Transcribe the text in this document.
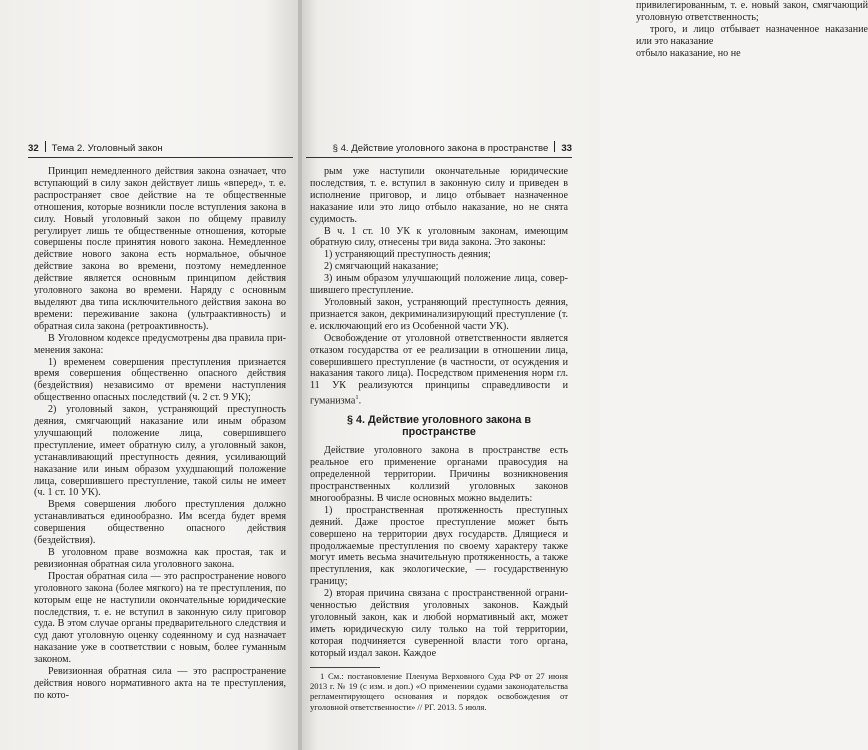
привилегированным, т. е. новый закон, смягчающий уголовную ответственность;

трого, и лицо отбывает назначенное наказание или это наказание

отбыло наказание, но не

32 Тема 2. Уголовный закон	§ 4. Действие уголовного закона в пространстве 33

Принцип немедленного действия закона означает, что вступающий в силу закон действует лишь «вперед», т. е. распространяет свое действие на те общественные отношения, которые возникли после вступления закона в силу. Новый уголовный закон по общему правилу регулирует лишь те общественные отношения, которые совершены после принятия нового закона. Немедленное действие нового закона есть нормальное, обычное действие закона во времени, поэтому немедленное действие является основным принципом действия уголовного закона во времени. Наряду с основным выделяют два типа исключительного действия закона во времени: переживание закона (ультраактивность) и обратная сила закона (ретроактивность).

В Уголовном кодексе предусмотрены два правила применения закона:

1) временем совершения преступления признается время совершения общественно опасного действия (бездействия) независимо от времени наступления общественно опасных последствий (ч. 2 ст. 9 УК);

2) уголовный закон, устраняющий преступность деяния, смягчающий наказание или иным образом улучшающий положение лица, совершившего преступление, имеет обратную силу, а уголовный закон, устанавливающий преступность деяния, усиливающий наказание или иным образом ухудшающий положение лица, совершившего преступление, такой силы не имеет (ч. 1 ст. 10 УК).

Время совершения любого преступления должно устанавливаться единообразно. Им всегда будет время совершения общественно опасного действия (бездействия).

В уголовном праве возможна как простая, так и ревизионная обратная сила уголовного закона.

Простая обратная сила — это распространение нового уголовного закона (более мягкого) на те преступления, по которым еще не наступили окончательные юридические последствия, т. е. не вступил в законную силу приговор суда. В этом случае органы предварительного следствия и суд дают уголовную оценку содеянному и суд назначает наказание уже в соответствии с новым, более гуманным законом.

Ревизионная обратная сила — это распространение действия нового нормативного акта на те преступления, по кото-

рым уже наступили окончательные юридические последствия, т. е. вступил в законную силу и приведен в исполнение приговор, и лицо отбывает назначенное наказание или это лицо отбыло наказание, но не снята судимость.

В ч. 1 ст. 10 УК к уголовным законам, имеющим обратную силу, отнесены три вида закона. Это законы:

1) устраняющий преступность деяния;

2) смягчающий наказание;

3) иным образом улучшающий положение лица, совершившего преступление.

Уголовный закон, устраняющий преступность деяния, признается закон, декриминализирующий преступление (т. е. исключающий его из Особенной части УК).

Освобождение от уголовной ответственности является отказом государства от ее реализации в отношении лица, совершившего преступление (в частности, от осуждения и наказания такого лица). Посредством применения норм гл. 11 УК реализуются принципы справедливости и гуманизма$^1$.

§ 4. Действие уголовного закона в пространстве

Действие уголовного закона в пространстве есть реальное его применение органами правосудия на определенной территории. Причины возникновения пространственных коллизий уголовных законов многообразны. В числе основных можно выделить:

1) пространственная протяженность преступных деяний. Даже простое преступление может быть совершено на территории двух государств. Длящиеся и продолжаемые преступления по своему характеру также могут иметь весьма значительную протяженность, а также преступления, как экологические, — государственную границу;

2) вторая причина связана с пространственной ограниченностью действия уголовных законов. Каждый уголовный закон, как и любой нормативный акт, может иметь юридическую силу только на той территории, которая подчиняется суверенной власти того органа, который издал закон. Каждое

1 См.: постановление Пленума Верховного Суда РФ от 27 июня 2013 г. № 19 (с изм. и доп.) «О применении судами законодательства регламентирующего основания и порядок освобождения от уголовной ответственности» // РГ. 2013. 5 июля.
